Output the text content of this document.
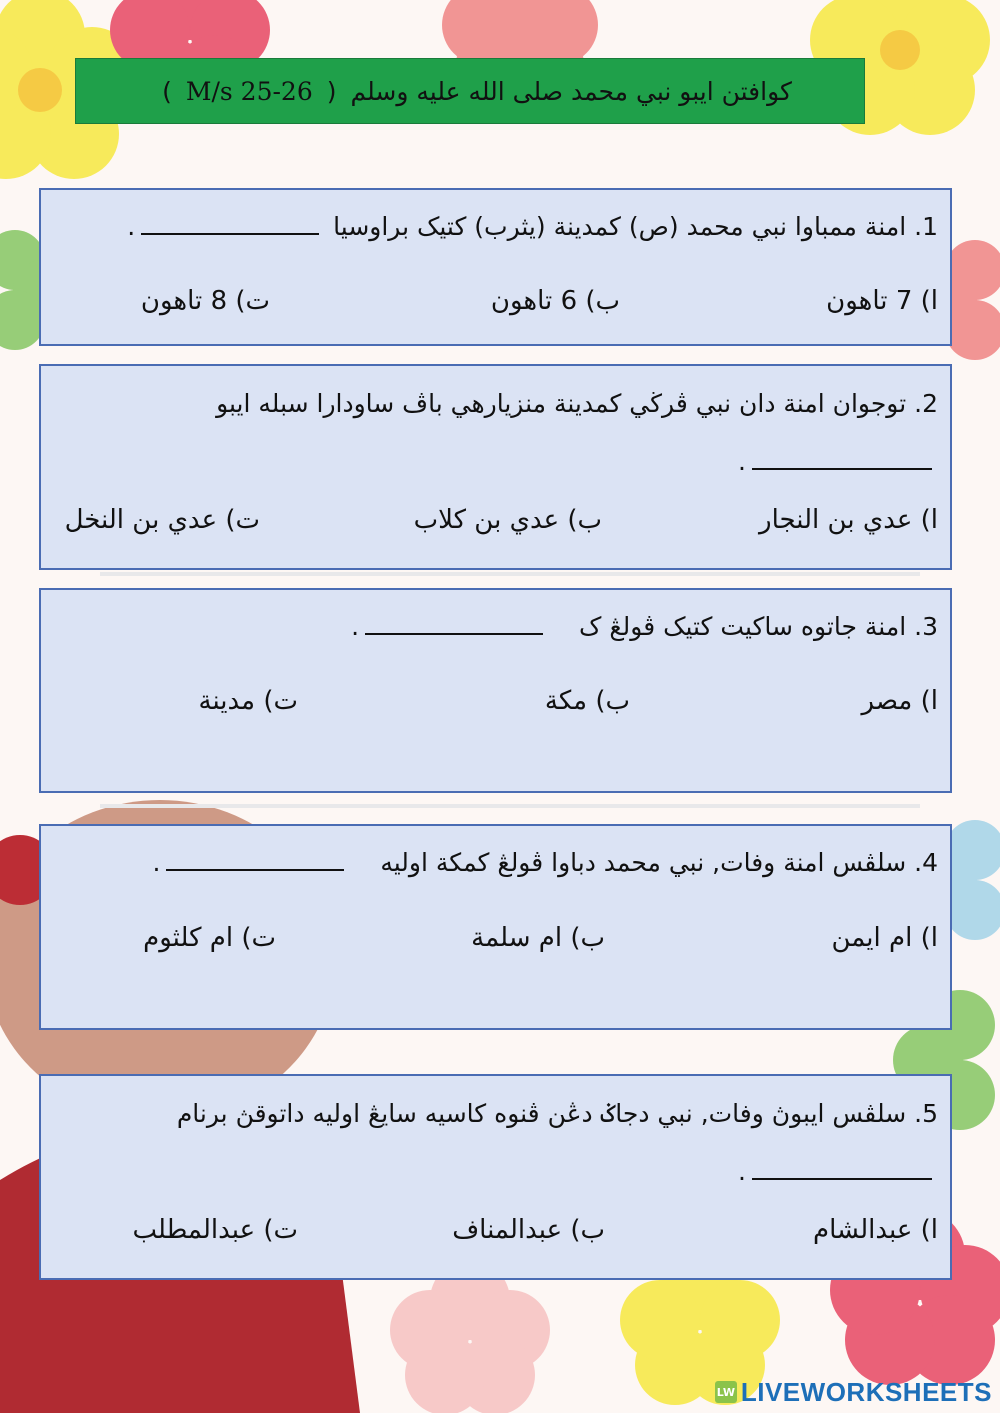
كوافتن ايبو نبي محمد صلى الله عليه وسلم
(
M/s 25-26
)
1. امنة ممباوا نبي محمد (ص) كمدينة (يثرب) كتيک براوسيا .
ا) 7 تاهون
ب) 6 تاهون
ت) 8 تاهون
2. توجوان امنة دان نبي ڤرڬي كمدينة منزيارهي باڤ ساودارا سبله ايبو
.
ا) عدي بن النجار
ب) عدي بن كلاب
ت) عدي بن النخل
3. امنة جاتوه ساكيت كتيک ڤولڠ ک .
ا) مصر
ب) مكة
ت) مدينة
4. سلڤس امنة وفات, نبي محمد دباوا ڤولڠ كمكة اوليه .
ا) ام ايمن
ب) ام سلمة
ت) ام كلثوم
5. سلڤس ايبوڽ وفات, نبي دجاݢ دڠن ڤنوه كاسيه سايڠ اوليه داتوقڽ برنام
.
ا) عبدالشام
ب) عبدالمناف
ت) عبدالمطلب
LW LIVEWORKSHEETS
